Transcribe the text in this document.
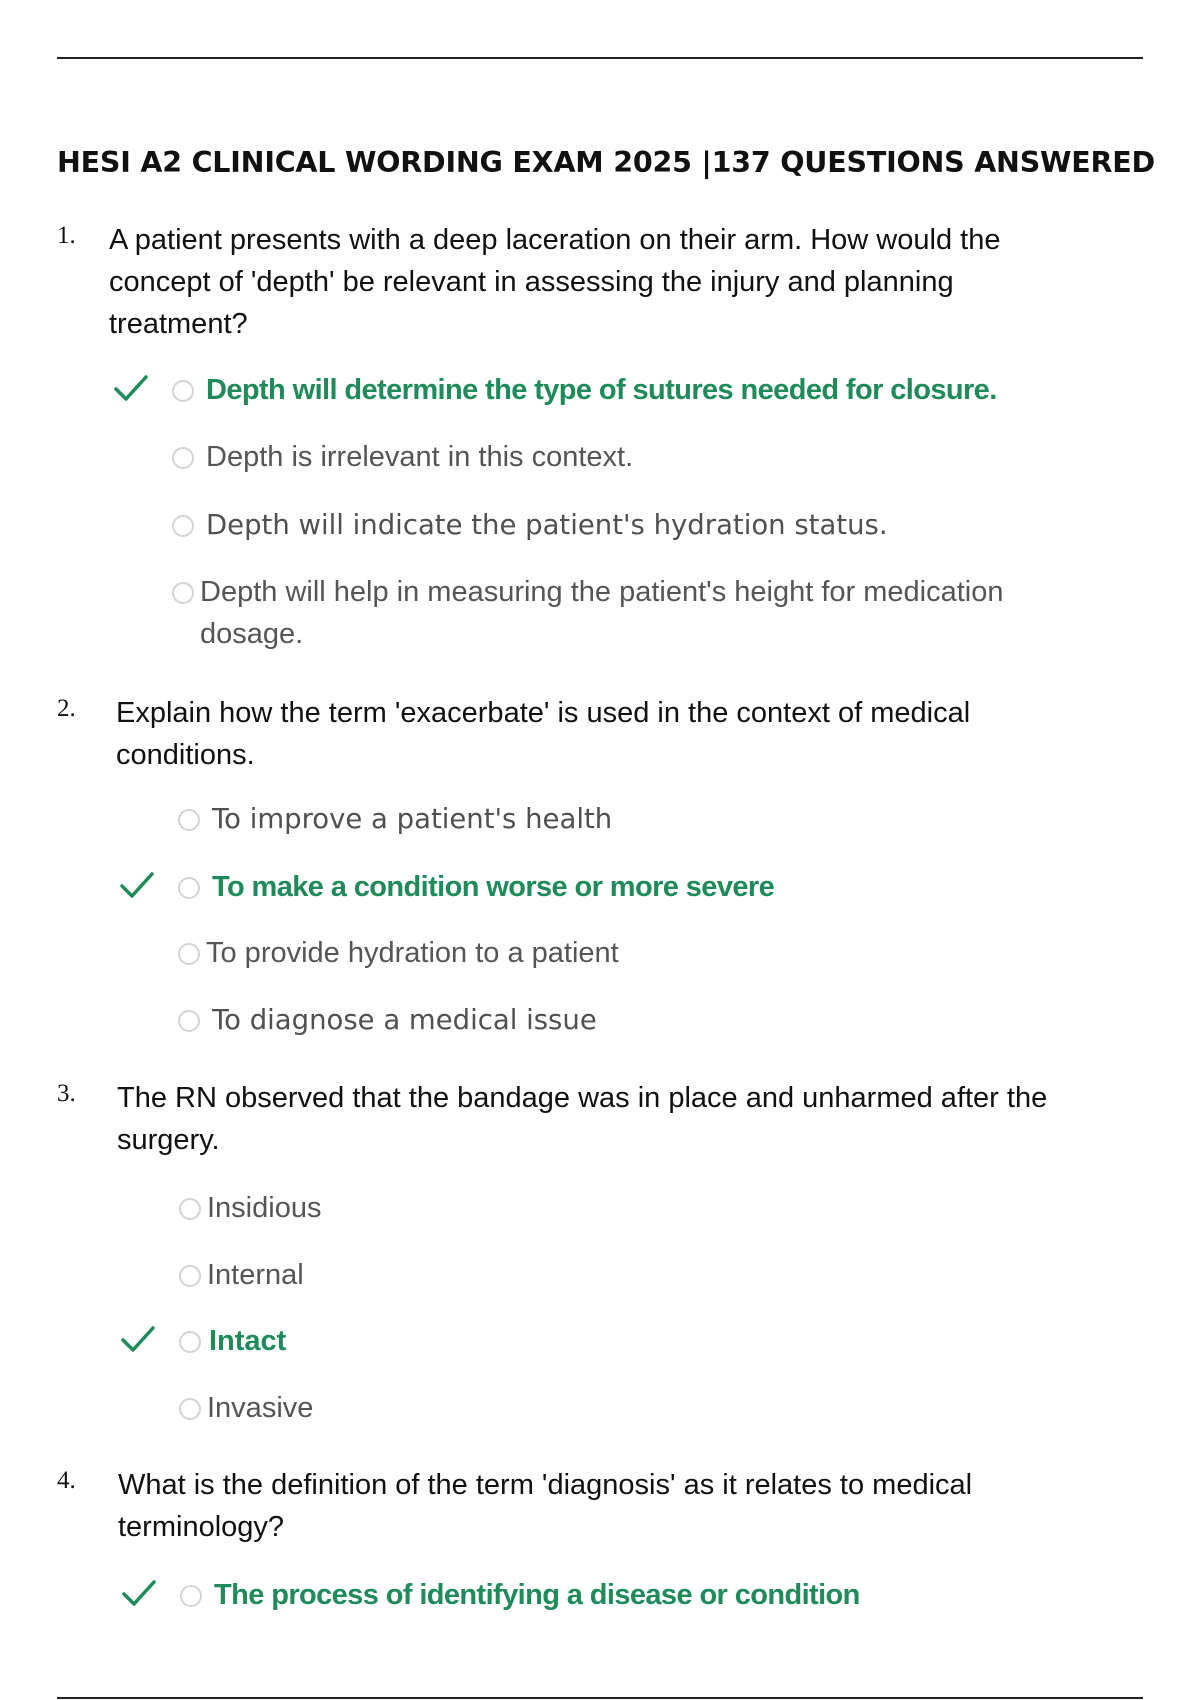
HESI A2 CLINICAL WORDING EXAM 2025 |137 QUESTIONS ANSWERED
1.	A patient presents with a deep laceration on their arm. How would the concept of 'depth' be relevant in assessing the injury and planning treatment?
Depth will determine the type of sutures needed for closure.
Depth is irrelevant in this context.
Depth will indicate the patient's hydration status.
Depth will help in measuring the patient's height for medication dosage.
2.	Explain how the term 'exacerbate' is used in the context of medical conditions.
To improve a patient's health
To make a condition worse or more severe
To provide hydration to a patient
To diagnose a medical issue
3.	The RN observed that the bandage was in place and unharmed after the surgery.
Insidious
Internal
Intact
Invasive
4.	What is the definition of the term 'diagnosis' as it relates to medical terminology?
The process of identifying a disease or condition
